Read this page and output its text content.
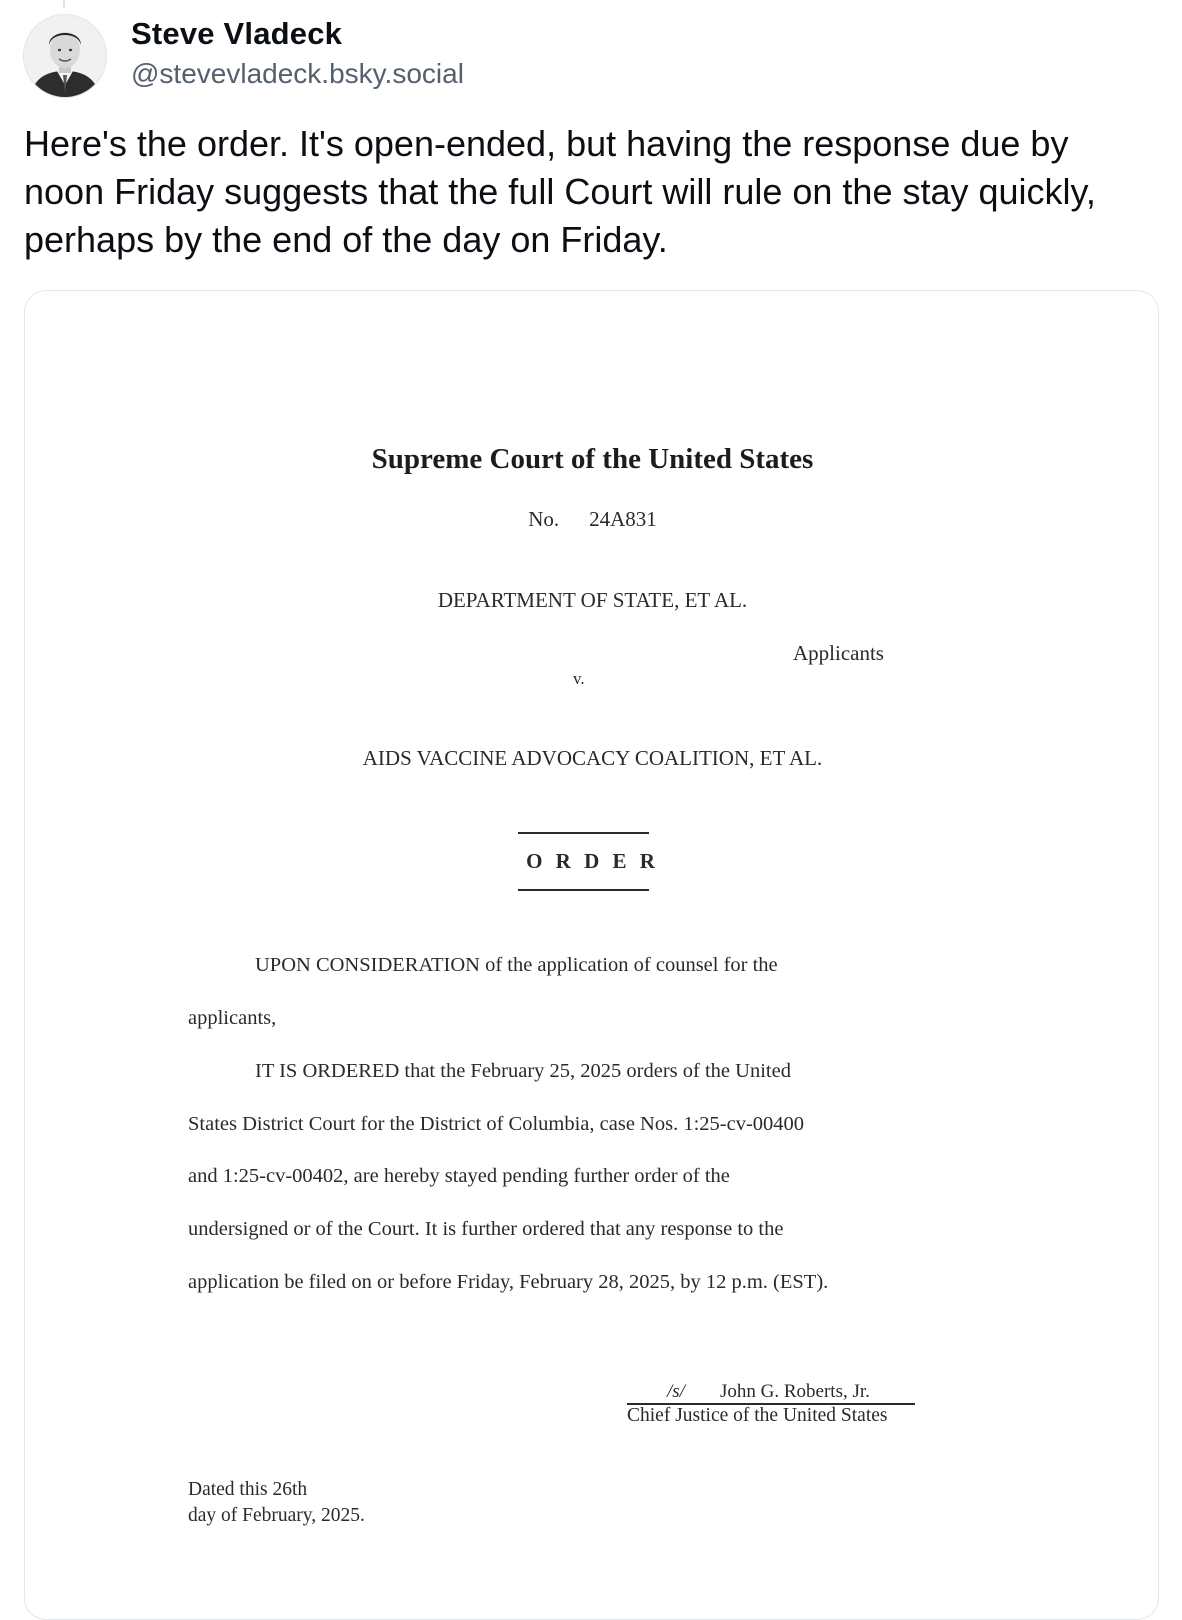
Steve Vladeck
@stevevladeck.bsky.social
Here's the order. It's open-ended, but having the response due by noon Friday suggests that the full Court will rule on the stay quickly, perhaps by the end of the day on Friday.
Supreme Court of the United States
No. 24A831
DEPARTMENT OF STATE, ET AL.
Applicants
v.
AIDS VACCINE ADVOCACY COALITION, ET AL.
O R D E R
UPON CONSIDERATION of the application of counsel for the
applicants,
IT IS ORDERED that the February 25, 2025 orders of the United
States District Court for the District of Columbia, case Nos. 1:25-cv-00400
and 1:25-cv-00402, are hereby stayed pending further order of the
undersigned or of the Court. It is further ordered that any response to the
application be filed on or before Friday, February 28, 2025, by 12 p.m. (EST).
/s/ John G. Roberts, Jr.
Chief Justice of the United States
Dated this 26th
day of February, 2025.
